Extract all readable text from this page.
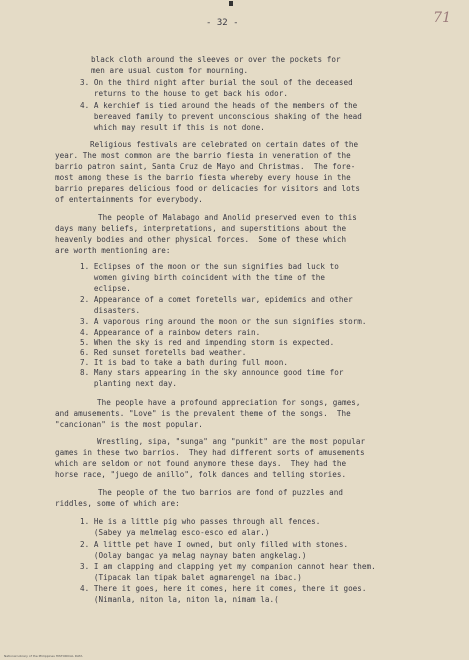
- 32 -	71
black cloth around the sleeves or over the pockets for
men are usual custom for mourning.
3. On the third night after burial the soul of the deceased
returns to the house to get back his odor.
4. A kerchief is tied around the heads of the members of the
bereaved family to prevent unconscious shaking of the head
which may result if this is not done.
Religious festivals are celebrated on certain dates of the
year. The most common are the barrio fiesta in veneration of the
barrio patron saint, Santa Cruz de Mayo and Christmas.  The fore-
most among these is the barrio fiesta whereby every house in the
barrio prepares delicious food or delicacies for visitors and lots
of entertainments for everybody.
The people of Malabago and Anolid preserved even to this
days many beliefs, interpretations, and superstitions about the
heavenly bodies and other physical forces.  Some of these which
are worth mentioning are:
1. Eclipses of the moon or the sun signifies bad luck to
women giving birth coincident with the time of the
eclipse.
2. Appearance of a comet foretells war, epidemics and other
disasters.
3. A vaporous ring around the moon or the sun signifies storm.
4. Appearance of a rainbow deters rain.
5. When the sky is red and impending storm is expected.
6. Red sunset foretells bad weather.
7. It is bad to take a bath during full moon.
8. Many stars appearing in the sky announce good time for
planting next day.
The people have a profound appreciation for songs, games,
and amusements. "Love" is the prevalent theme of the songs.  The
"cancionan" is the most popular.
Wrestling, sipa, "sunga" ang "punkit" are the most popular
games in these two barrios.  They had different sorts of amusements
which are seldom or not found anymore these days.  They had the
horse race, "juego de anillo", folk dances and telling stories.
The people of the two barrios are fond of puzzles and
riddles, some of which are:
1. He is a little pig who passes through all fences.
(Sabey ya melmelag esco-esco ed alar.)
2. A little pet have I owned, but only filled with stones.
(Oolay bangac ya melag naynay baten angkelag.)
3. I am clapping and clapping yet my companion cannot hear them.
(Tipacak lan tipak balet agmarengel na ibac.)
4. There it goes, here it comes, here it comes, there it goes.
(Nimanla, niton la, niton la, nimam la.(
National Library of the Philippines HISTORICAL DATA
